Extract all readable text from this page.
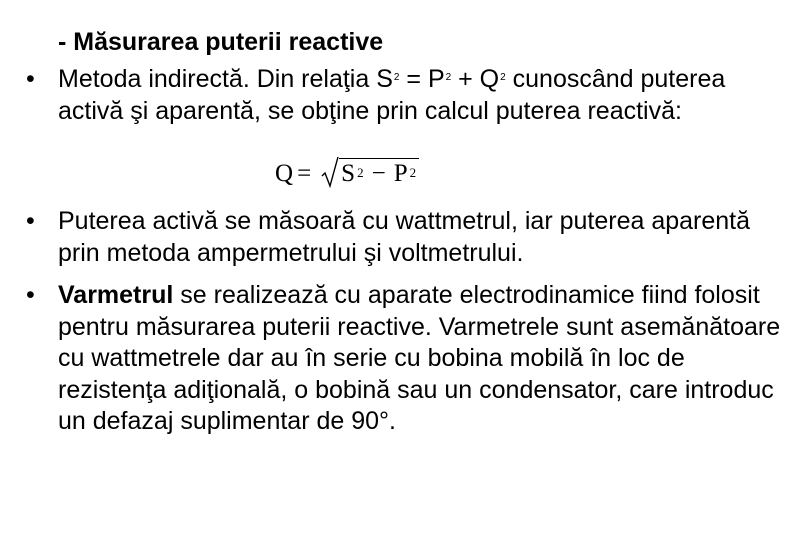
- Măsurarea puterii reactive
• Metoda indirectă. Din relaţia $S^2 = P^2 + Q^2$ cunoscând puterea activă şi aparentă, se obţine prin calcul puterea reactivă:
• Puterea activă se măsoară cu wattmetrul, iar puterea aparentă prin metoda ampermetrului şi voltmetrului.
• Varmetrul se realizează cu aparate electrodinamice fiind folosit pentru măsurarea puterii reactive. Varmetrele sunt asemănătoare cu wattmetrele dar au în serie cu bobina mobilă în loc de rezistenţa adiţională, o bobină sau un condensator, care introduc un defazaj suplimentar de 90°.
Q = S $^2$ − P $^2$
